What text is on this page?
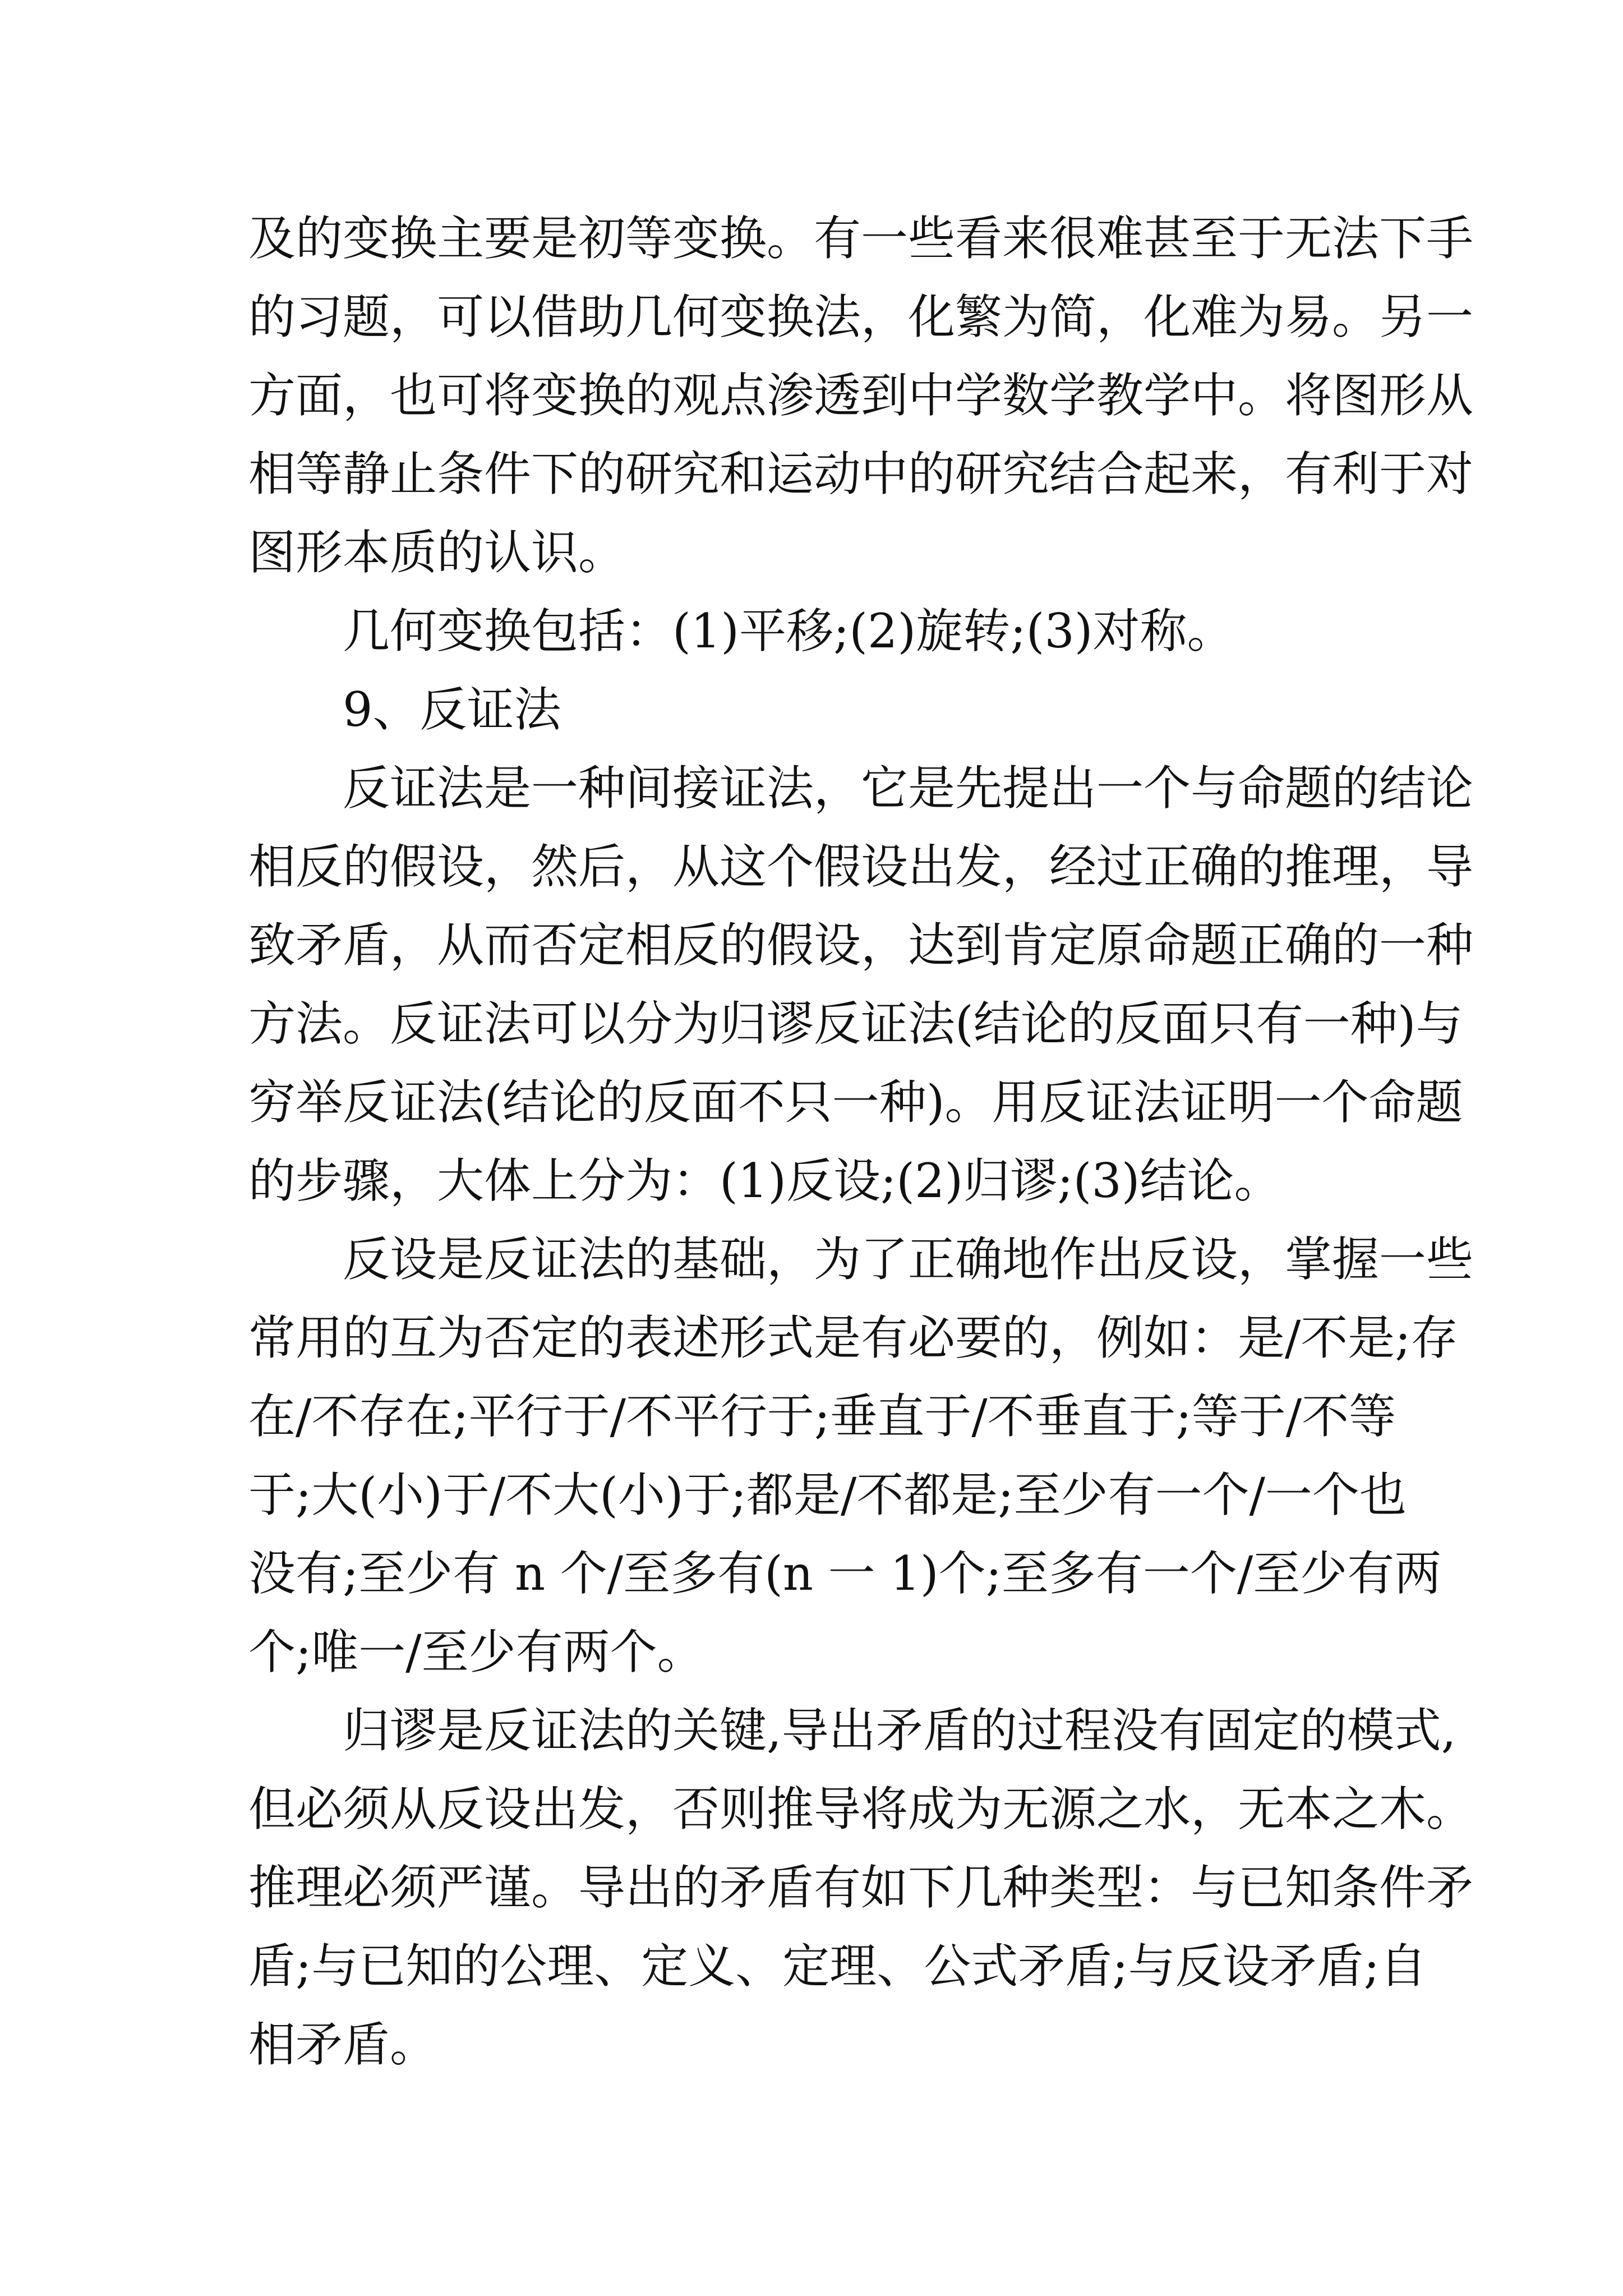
及的变换主要是初等变换。有一些看来很难甚至于无法下手
的习题，可以借助几何变换法，化繁为简，化难为易。另一
方面，也可将变换的观点渗透到中学数学教学中。将图形从
相等静止条件下的研究和运动中的研究结合起来，有利于对
图形本质的认识。
几何变换包括：(1)平移;(2)旋转;(3)对称。
9、反证法
反证法是一种间接证法，它是先提出一个与命题的结论
相反的假设，然后，从这个假设出发，经过正确的推理，导
致矛盾，从而否定相反的假设，达到肯定原命题正确的一种
方法。反证法可以分为归谬反证法(结论的反面只有一种)与
穷举反证法(结论的反面不只一种)。用反证法证明一个命题
的步骤，大体上分为：(1)反设;(2)归谬;(3)结论。
反设是反证法的基础，为了正确地作出反设，掌握一些
常用的互为否定的表述形式是有必要的，例如：是/不是;存
在/不存在;平行于/不平行于;垂直于/不垂直于;等于/不等
于;大(小)于/不大(小)于;都是/不都是;至少有一个/一个也
没有;至少有 n 个/至多有(n 一 1)个;至多有一个/至少有两
个;唯一/至少有两个。
归谬是反证法的关键,导出矛盾的过程没有固定的模式,
但必须从反设出发，否则推导将成为无源之水，无本之木。
推理必须严谨。导出的矛盾有如下几种类型：与已知条件矛
盾;与已知的公理、定义、定理、公式矛盾;与反设矛盾;自
相矛盾。
